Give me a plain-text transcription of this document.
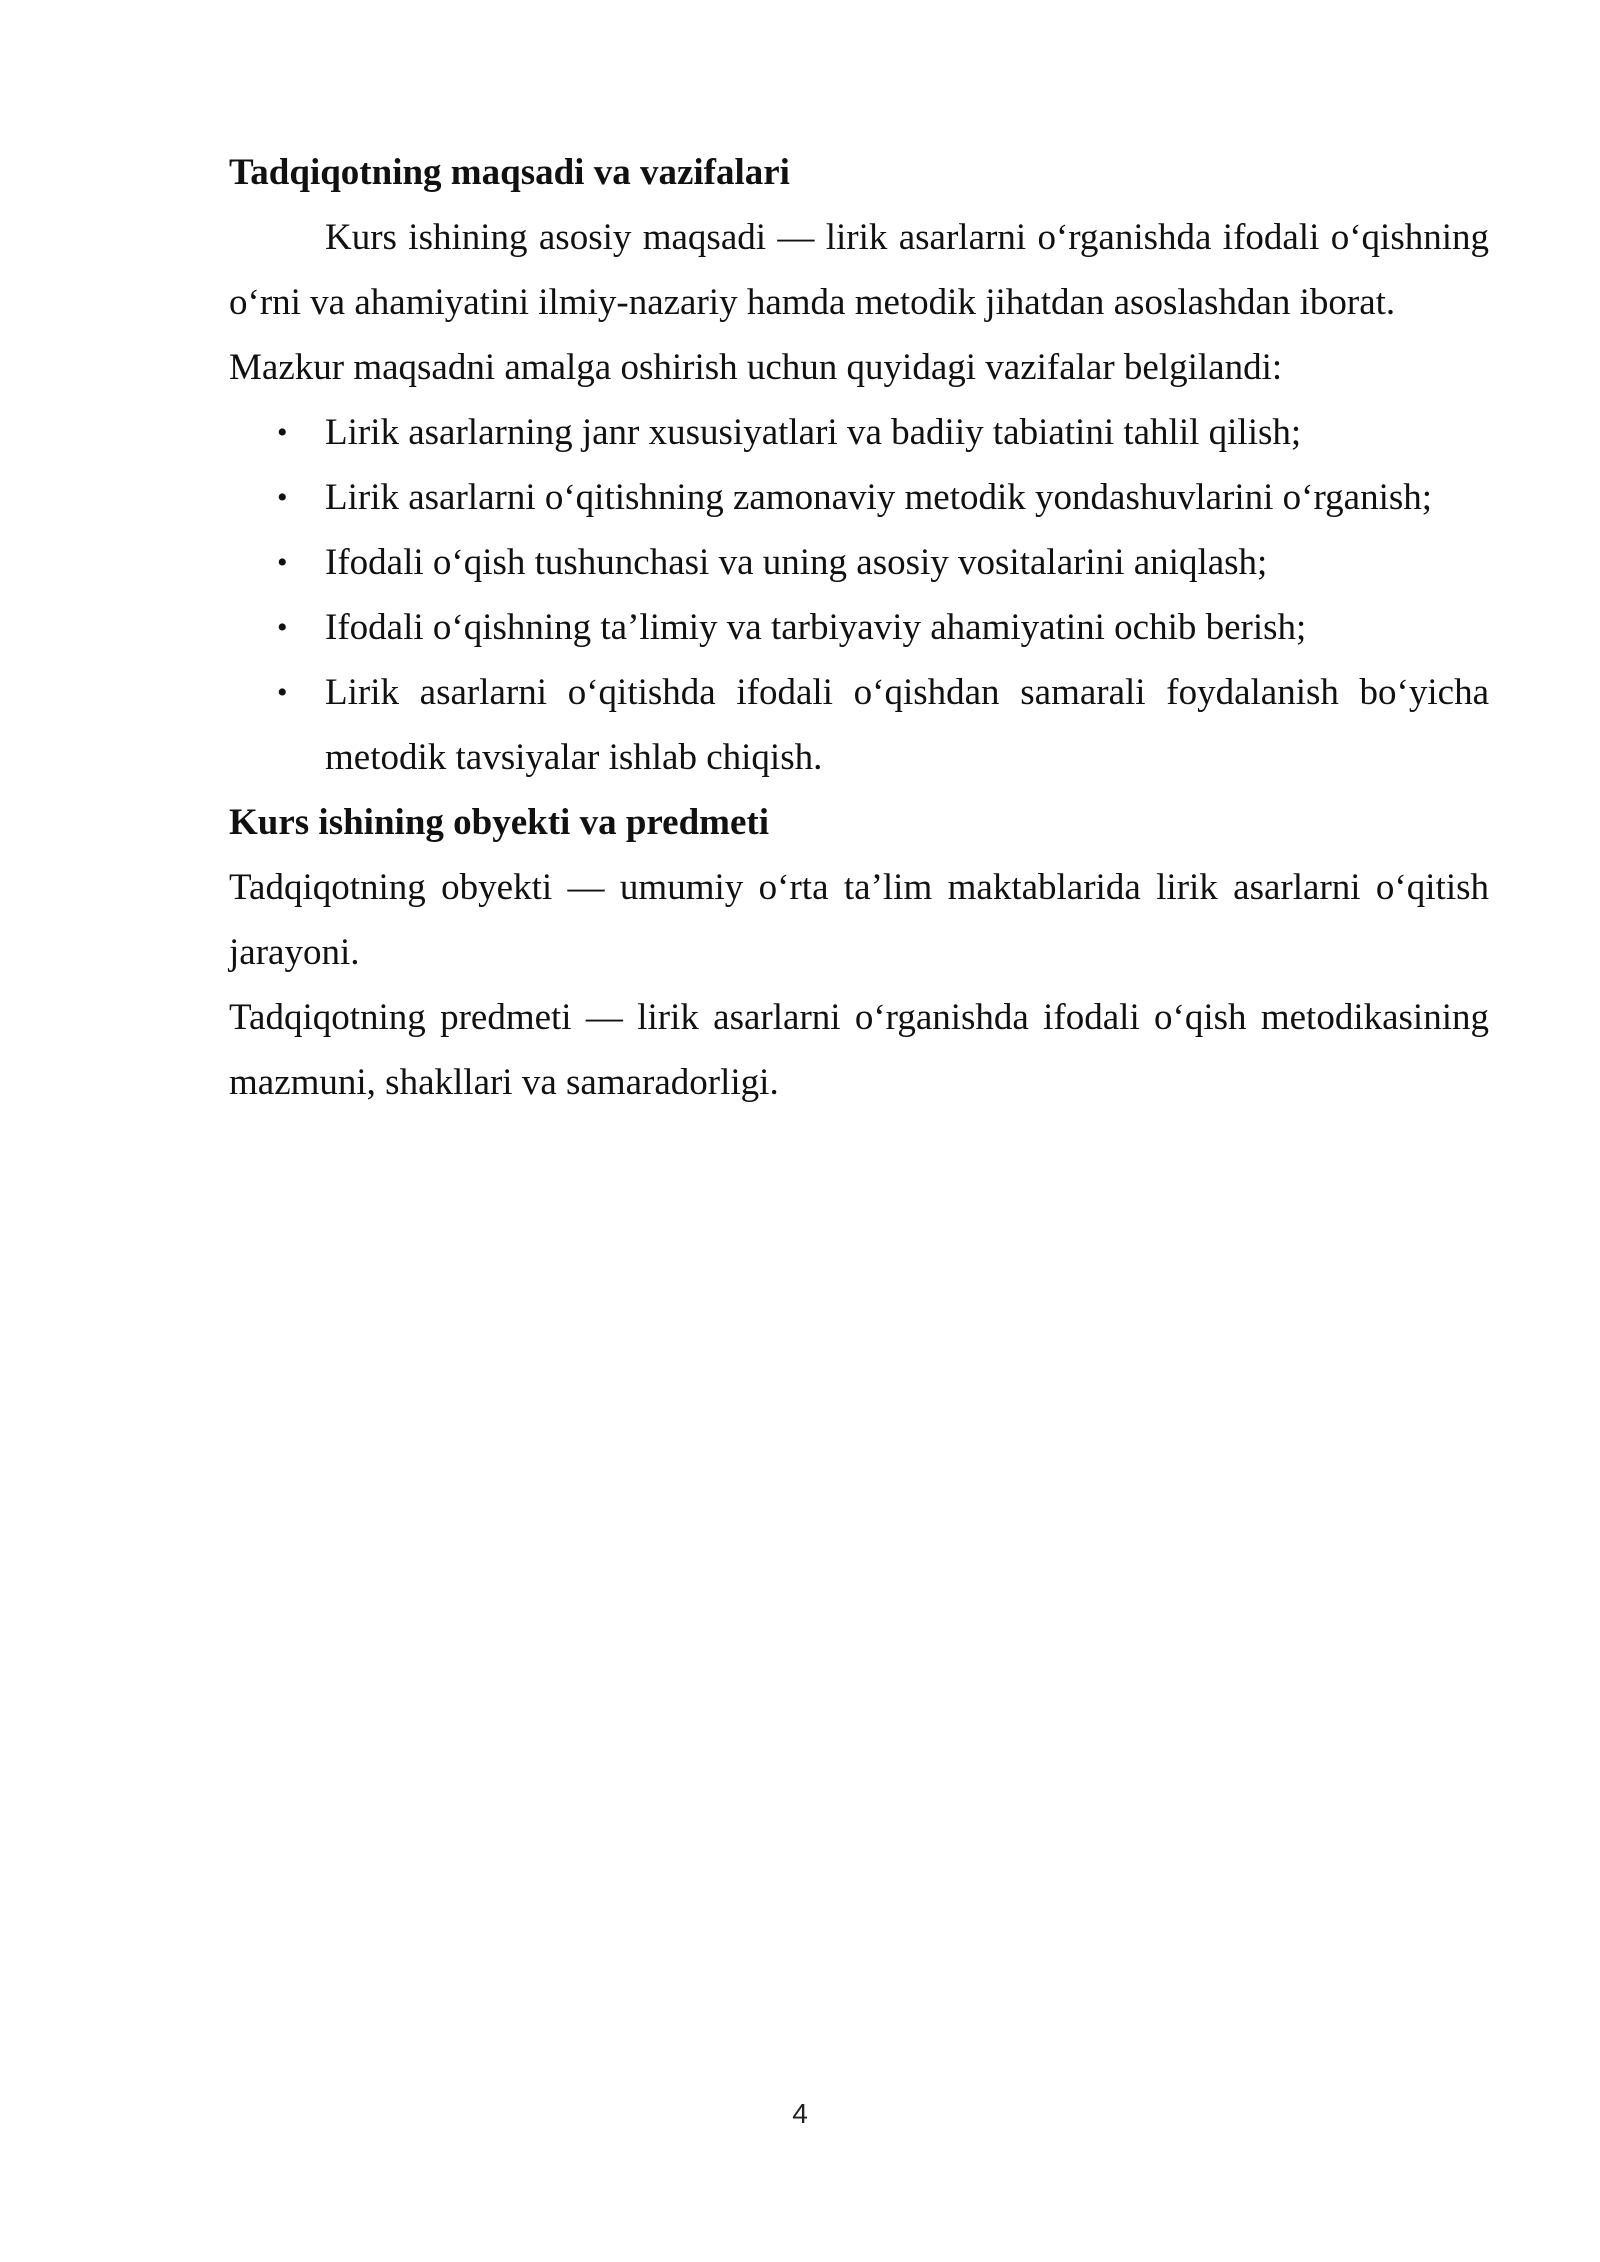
Tadqiqotning maqsadi va vazifalari

Kurs ishining asosiy maqsadi — lirik asarlarni o‘rganishda ifodali o‘qishning o‘rni va ahamiyatini ilmiy-nazariy hamda metodik jihatdan asoslashdan iborat.

Mazkur maqsadni amalga oshirish uchun quyidagi vazifalar belgilandi:

• Lirik asarlarning janr xususiyatlari va badiiy tabiatini tahlil qilish;
• Lirik asarlarni o‘qitishning zamonaviy metodik yondashuvlarini o‘rganish;
• Ifodali o‘qish tushunchasi va uning asosiy vositalarini aniqlash;
• Ifodali o‘qishning ta’limiy va tarbiyaviy ahamiyatini ochib berish;
• Lirik asarlarni o‘qitishda ifodali o‘qishdan samarali foydalanish bo‘yicha metodik tavsiyalar ishlab chiqish.

Kurs ishining obyekti va predmeti

Tadqiqotning obyekti — umumiy o‘rta ta’lim maktablarida lirik asarlarni o‘qitish jarayoni.

Tadqiqotning predmeti — lirik asarlarni o‘rganishda ifodali o‘qish metodikasining mazmuni, shakllari va samaradorligi.

4
